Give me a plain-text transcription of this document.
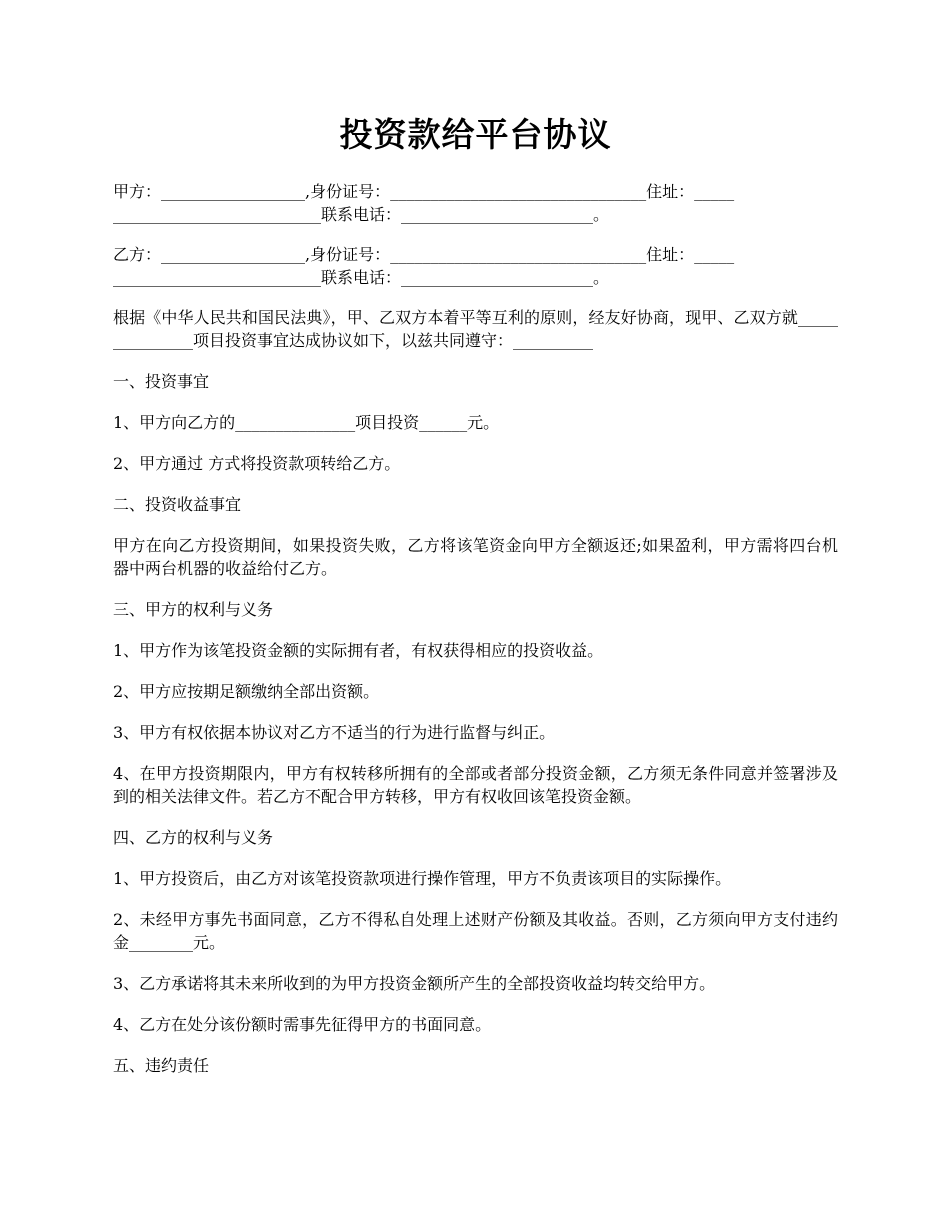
投资款给平台协议
甲方：__________________,身份证号：________________________________住址：_____
__________________________联系电话：________________________。
乙方：__________________,身份证号：________________________________住址：_____
__________________________联系电话：________________________。

根据《中华人民共和国民法典》，甲、乙双方本着平等互利的原则，经友好协商，现甲、乙双方就_______________项目投资事宜达成协议如下，以兹共同遵守：__________

一、投资事宜

1、甲方向乙方的_______________项目投资______元。

2、甲方通过 方式将投资款项转给乙方。

二、投资收益事宜

甲方在向乙方投资期间，如果投资失败，乙方将该笔资金向甲方全额返还;如果盈利，甲方需将四台机器中两台机器的收益给付乙方。

三、甲方的权利与义务

1、甲方作为该笔投资金额的实际拥有者，有权获得相应的投资收益。

2、甲方应按期足额缴纳全部出资额。

3、甲方有权依据本协议对乙方不适当的行为进行监督与纠正。

4、在甲方投资期限内，甲方有权转移所拥有的全部或者部分投资金额，乙方须无条件同意并签署涉及到的相关法律文件。若乙方不配合甲方转移，甲方有权收回该笔投资金额。

四、乙方的权利与义务

1、甲方投资后，由乙方对该笔投资款项进行操作管理，甲方不负责该项目的实际操作。

2、未经甲方事先书面同意，乙方不得私自处理上述财产份额及其收益。否则，乙方须向甲方支付违约金________元。

3、乙方承诺将其未来所收到的为甲方投资金额所产生的全部投资收益均转交给甲方。

4、乙方在处分该份额时需事先征得甲方的书面同意。

五、违约责任
